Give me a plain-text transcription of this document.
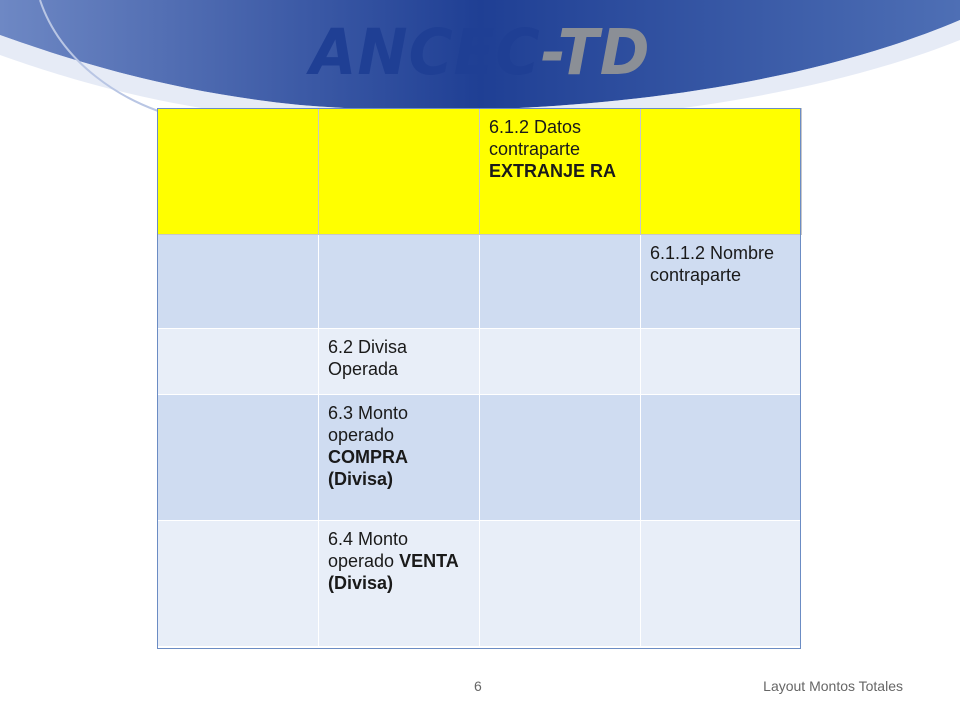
ANCEC-TD
		6.1.2 Datos contraparte EXTRANJE RA	
			6.1.1.2 Nombre contraparte
	6.2 Divisa Operada		
	6.3 Monto operado COMPRA (Divisa)		
	6.4 Monto operado VENTA (Divisa)		
6	Layout Montos Totales
